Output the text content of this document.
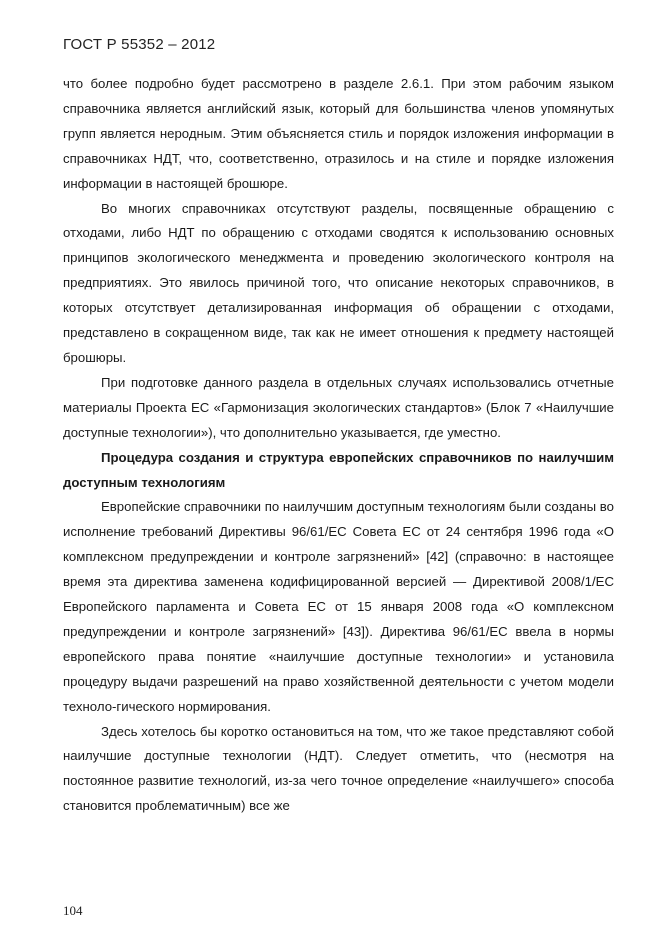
ГОСТ Р 55352 – 2012

что более подробно будет рассмотрено в разделе 2.6.1. При этом рабочим языком справочника является английский язык, который для большинства членов упомянутых групп является неродным. Этим объясняется стиль и порядок изложения информации в справочниках НДТ, что, соответственно, отразилось и на стиле и порядке изложения информации в настоящей брошюре.

Во многих справочниках отсутствуют разделы, посвященные обращению с отходами, либо НДТ по обращению с отходами сводятся к использованию основных принципов экологического менеджмента и проведению экологического контроля на предприятиях. Это явилось причиной того, что описание некоторых справочников, в которых отсутствует детализированная информация об обращении с отходами, представлено в сокращенном виде, так как не имеет отношения к предмету настоящей брошюры.

При подготовке данного раздела в отдельных случаях использовались отчетные материалы Проекта ЕС «Гармонизация экологических стандартов» (Блок 7 «Наилучшие доступные технологии»), что дополнительно указывается, где уместно.

Процедура создания и структура европейских справочников по наилучшим доступным технологиям

Европейские справочники по наилучшим доступным технологиям были созданы во исполнение требований Директивы 96/61/ЕС Совета ЕС от 24 сентября 1996 года «О комплексном предупреждении и контроле загрязнений» [42] (справочно: в настоящее время эта директива заменена кодифицированной версией — Директивой 2008/1/ЕС Европейского парламента и Совета ЕС от 15 января 2008 года «О комплексном предупреждении и контроле загрязнений» [43]). Директива 96/61/ЕС ввела в нормы европейского права понятие «наилучшие доступные технологии» и установила процедуру выдачи разрешений на право хозяйственной деятельности с учетом модели техноло-гического нормирования.

Здесь хотелось бы коротко остановиться на том, что же такое представляют собой наилучшие доступные технологии (НДТ). Следует отметить, что (несмотря на постоянное развитие технологий, из-за чего точное определение «наилучшего» способа становится проблематичным) все же

104
